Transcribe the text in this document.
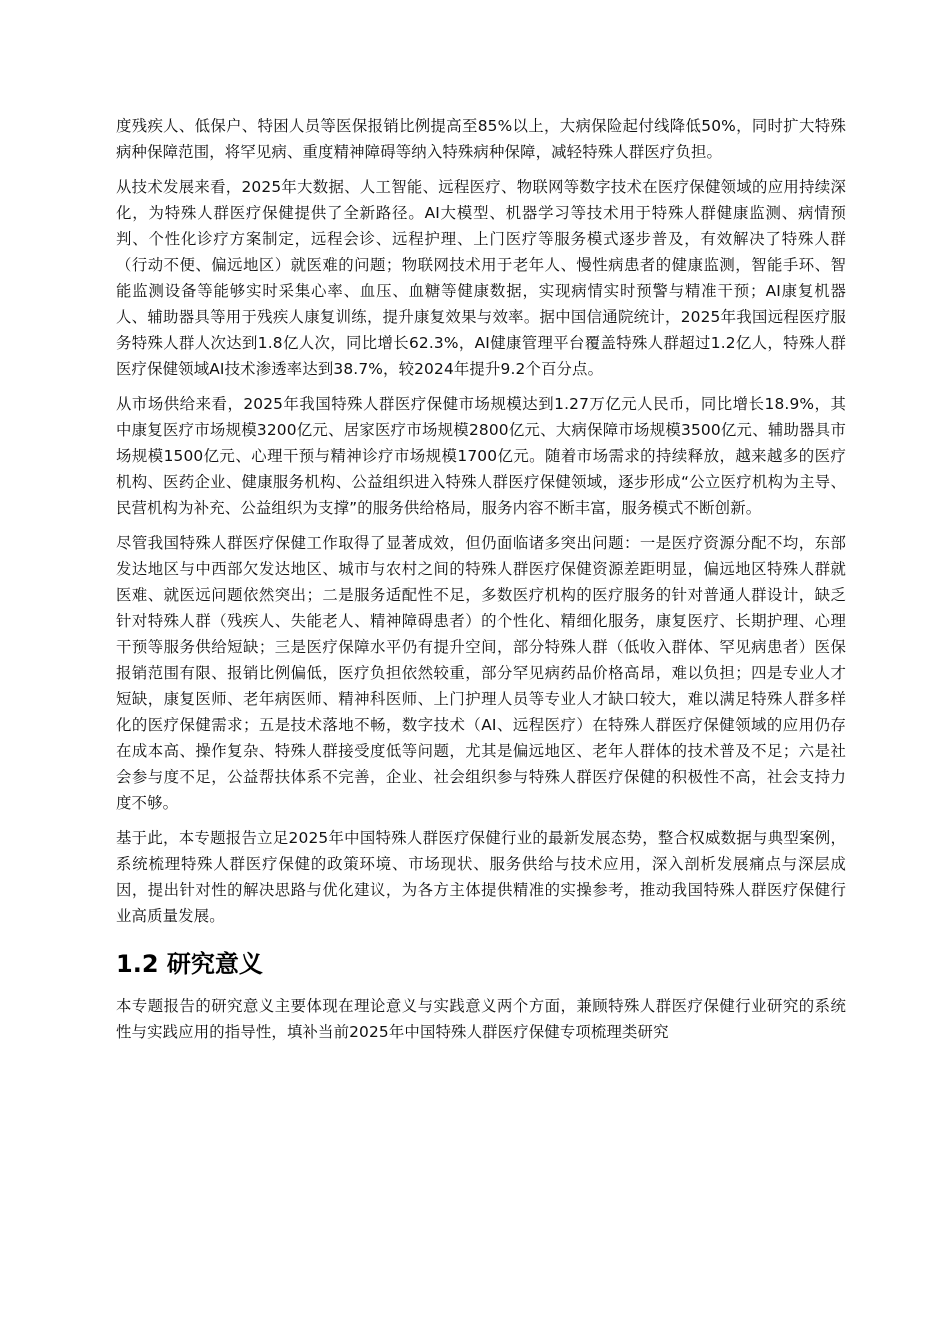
度残疾人、低保户、特困人员等医保报销比例提高至85%以上，大病保险起付线降低50%，同时扩大特殊病种保障范围，将罕见病、重度精神障碍等纳入特殊病种保障，减轻特殊人群医疗负担。

从技术发展来看，2025年大数据、人工智能、远程医疗、物联网等数字技术在医疗保健领域的应用持续深化，为特殊人群医疗保健提供了全新路径。AI大模型、机器学习等技术用于特殊人群健康监测、病情预判、个性化诊疗方案制定，远程会诊、远程护理、上门医疗等服务模式逐步普及，有效解决了特殊人群（行动不便、偏远地区）就医难的问题；物联网技术用于老年人、慢性病患者的健康监测，智能手环、智能监测设备等能够实时采集心率、血压、血糖等健康数据，实现病情实时预警与精准干预；AI康复机器人、辅助器具等用于残疾人康复训练，提升康复效果与效率。据中国信通院统计，2025年我国远程医疗服务特殊人群人次达到1.8亿人次，同比增长62.3%，AI健康管理平台覆盖特殊人群超过1.2亿人，特殊人群医疗保健领域AI技术渗透率达到38.7%，较2024年提升9.2个百分点。

从市场供给来看，2025年我国特殊人群医疗保健市场规模达到1.27万亿元人民币，同比增长18.9%，其中康复医疗市场规模3200亿元、居家医疗市场规模2800亿元、大病保障市场规模3500亿元、辅助器具市场规模1500亿元、心理干预与精神诊疗市场规模1700亿元。随着市场需求的持续释放，越来越多的医疗机构、医药企业、健康服务机构、公益组织进入特殊人群医疗保健领域，逐步形成“公立医疗机构为主导、民营机构为补充、公益组织为支撑”的服务供给格局，服务内容不断丰富，服务模式不断创新。

尽管我国特殊人群医疗保健工作取得了显著成效，但仍面临诸多突出问题：一是医疗资源分配不均，东部发达地区与中西部欠发达地区、城市与农村之间的特殊人群医疗保健资源差距明显，偏远地区特殊人群就医难、就医远问题依然突出；二是服务适配性不足，多数医疗机构的医疗服务的针对普通人群设计，缺乏针对特殊人群（残疾人、失能老人、精神障碍患者）的个性化、精细化服务，康复医疗、长期护理、心理干预等服务供给短缺；三是医疗保障水平仍有提升空间，部分特殊人群（低收入群体、罕见病患者）医保报销范围有限、报销比例偏低，医疗负担依然较重，部分罕见病药品价格高昂，难以负担；四是专业人才短缺，康复医师、老年病医师、精神科医师、上门护理人员等专业人才缺口较大，难以满足特殊人群多样化的医疗保健需求；五是技术落地不畅，数字技术（AI、远程医疗）在特殊人群医疗保健领域的应用仍存在成本高、操作复杂、特殊人群接受度低等问题，尤其是偏远地区、老年人群体的技术普及不足；六是社会参与度不足，公益帮扶体系不完善，企业、社会组织参与特殊人群医疗保健的积极性不高，社会支持力度不够。

基于此，本专题报告立足2025年中国特殊人群医疗保健行业的最新发展态势，整合权威数据与典型案例，系统梳理特殊人群医疗保健的政策环境、市场现状、服务供给与技术应用，深入剖析发展痛点与深层成因，提出针对性的解决思路与优化建议，为各方主体提供精准的实操参考，推动我国特殊人群医疗保健行业高质量发展。

1.2 研究意义

本专题报告的研究意义主要体现在理论意义与实践意义两个方面，兼顾特殊人群医疗保健行业研究的系统性与实践应用的指导性，填补当前2025年中国特殊人群医疗保健专项梳理类研究
